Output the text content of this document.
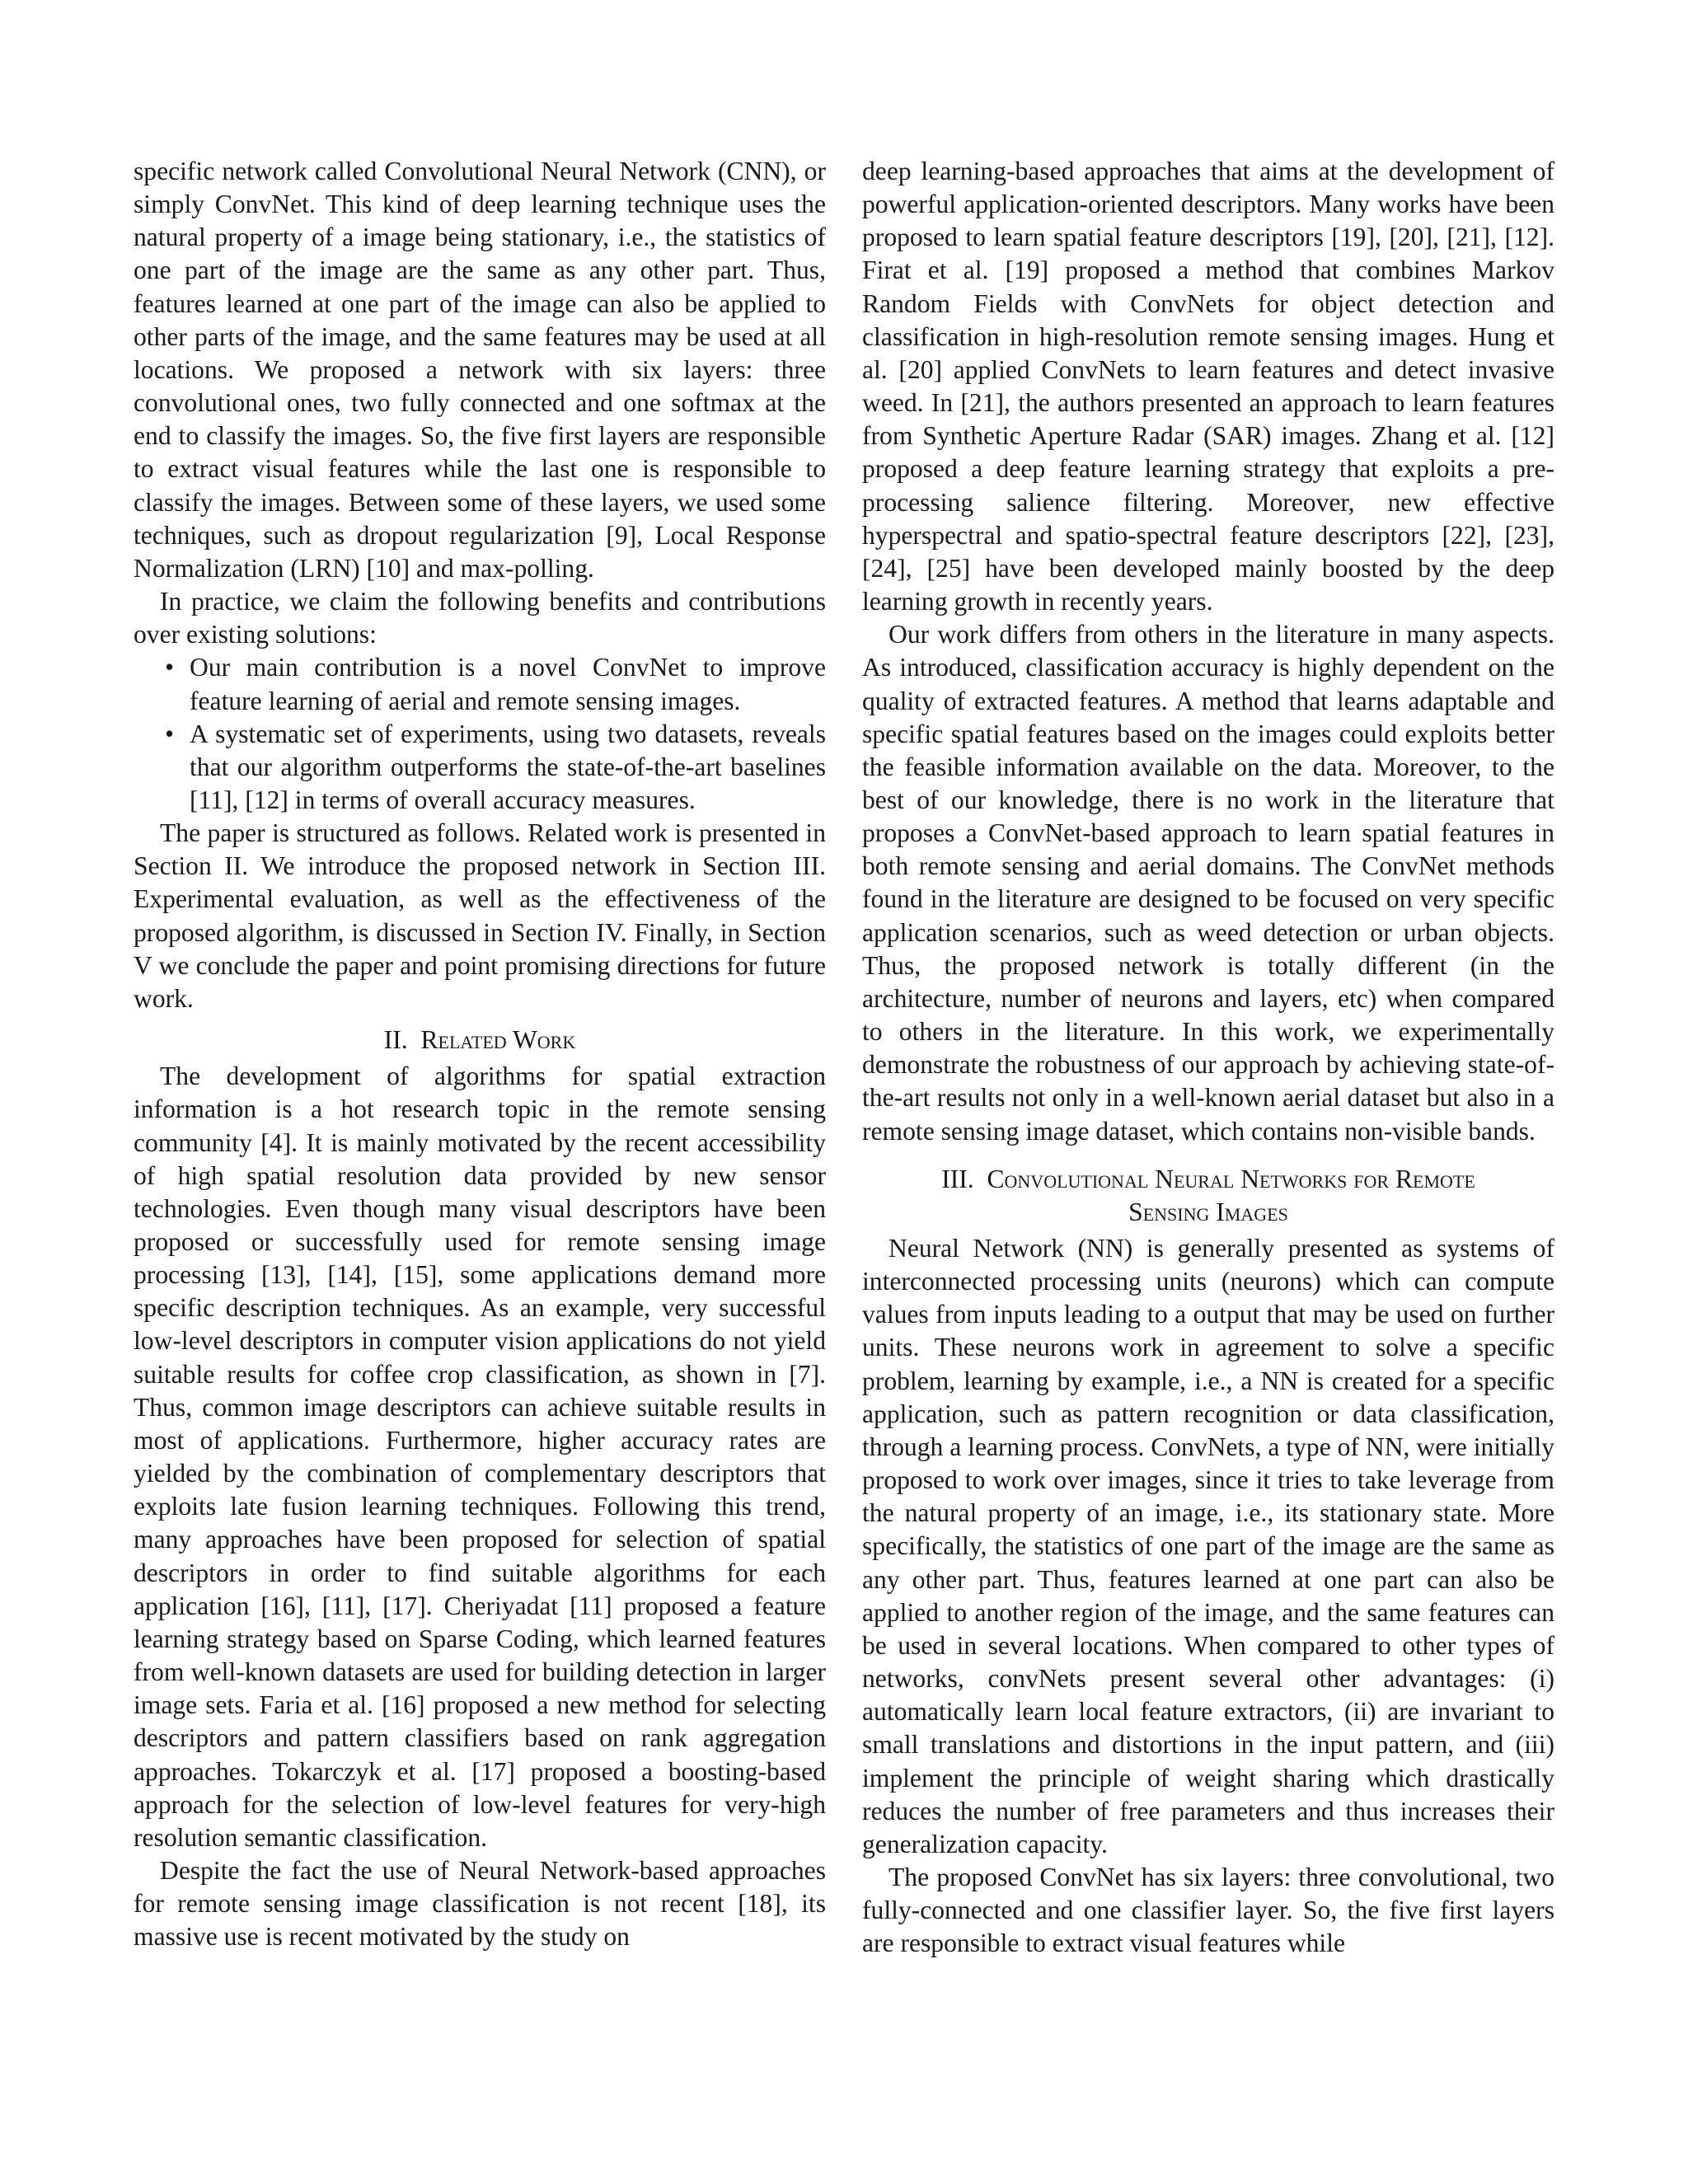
specific network called Convolutional Neural Network (CNN), or simply ConvNet. This kind of deep learning technique uses the natural property of a image being stationary, i.e., the statistics of one part of the image are the same as any other part. Thus, features learned at one part of the image can also be applied to other parts of the image, and the same features may be used at all locations. We proposed a network with six layers: three convolutional ones, two fully connected and one softmax at the end to classify the images. So, the five first layers are responsible to extract visual features while the last one is responsible to classify the images. Between some of these layers, we used some techniques, such as dropout regularization [9], Local Response Normalization (LRN) [10] and max-polling.

In practice, we claim the following benefits and contributions over existing solutions:

• Our main contribution is a novel ConvNet to improve feature learning of aerial and remote sensing images.
• A systematic set of experiments, using two datasets, reveals that our algorithm outperforms the state-of-the-art baselines [11], [12] in terms of overall accuracy measures.

The paper is structured as follows. Related work is presented in Section II. We introduce the proposed network in Section III. Experimental evaluation, as well as the effectiveness of the proposed algorithm, is discussed in Section IV. Finally, in Section V we conclude the paper and point promising directions for future work.

II. Related Work

The development of algorithms for spatial extraction information is a hot research topic in the remote sensing community [4]. It is mainly motivated by the recent accessibility of high spatial resolution data provided by new sensor technologies. Even though many visual descriptors have been proposed or successfully used for remote sensing image processing [13], [14], [15], some applications demand more specific description techniques. As an example, very successful low-level descriptors in computer vision applications do not yield suitable results for coffee crop classification, as shown in [7]. Thus, common image descriptors can achieve suitable results in most of applications. Furthermore, higher accuracy rates are yielded by the combination of complementary descriptors that exploits late fusion learning techniques. Following this trend, many approaches have been proposed for selection of spatial descriptors in order to find suitable algorithms for each application [16], [11], [17]. Cheriyadat [11] proposed a feature learning strategy based on Sparse Coding, which learned features from well-known datasets are used for building detection in larger image sets. Faria et al. [16] proposed a new method for selecting descriptors and pattern classifiers based on rank aggregation approaches. Tokarczyk et al. [17] proposed a boosting-based approach for the selection of low-level features for very-high resolution semantic classification.

Despite the fact the use of Neural Network-based approaches for remote sensing image classification is not recent [18], its massive use is recent motivated by the study on

deep learning-based approaches that aims at the development of powerful application-oriented descriptors. Many works have been proposed to learn spatial feature descriptors [19], [20], [21], [12]. Firat et al. [19] proposed a method that combines Markov Random Fields with ConvNets for object detection and classification in high-resolution remote sensing images. Hung et al. [20] applied ConvNets to learn features and detect invasive weed. In [21], the authors presented an approach to learn features from Synthetic Aperture Radar (SAR) images. Zhang et al. [12] proposed a deep feature learning strategy that exploits a pre-processing salience filtering. Moreover, new effective hyperspectral and spatio-spectral feature descriptors [22], [23], [24], [25] have been developed mainly boosted by the deep learning growth in recently years.

Our work differs from others in the literature in many aspects. As introduced, classification accuracy is highly dependent on the quality of extracted features. A method that learns adaptable and specific spatial features based on the images could exploits better the feasible information available on the data. Moreover, to the best of our knowledge, there is no work in the literature that proposes a ConvNet-based approach to learn spatial features in both remote sensing and aerial domains. The ConvNet methods found in the literature are designed to be focused on very specific application scenarios, such as weed detection or urban objects. Thus, the proposed network is totally different (in the architecture, number of neurons and layers, etc) when compared to others in the literature. In this work, we experimentally demonstrate the robustness of our approach by achieving state-of-the-art results not only in a well-known aerial dataset but also in a remote sensing image dataset, which contains non-visible bands.

III. Convolutional Neural Networks for Remote
Sensing Images

Neural Network (NN) is generally presented as systems of interconnected processing units (neurons) which can compute values from inputs leading to a output that may be used on further units. These neurons work in agreement to solve a specific problem, learning by example, i.e., a NN is created for a specific application, such as pattern recognition or data classification, through a learning process. ConvNets, a type of NN, were initially proposed to work over images, since it tries to take leverage from the natural property of an image, i.e., its stationary state. More specifically, the statistics of one part of the image are the same as any other part. Thus, features learned at one part can also be applied to another region of the image, and the same features can be used in several locations. When compared to other types of networks, convNets present several other advantages: (i) automatically learn local feature extractors, (ii) are invariant to small translations and distortions in the input pattern, and (iii) implement the principle of weight sharing which drastically reduces the number of free parameters and thus increases their generalization capacity.

The proposed ConvNet has six layers: three convolutional, two fully-connected and one classifier layer. So, the five first layers are responsible to extract visual features while
